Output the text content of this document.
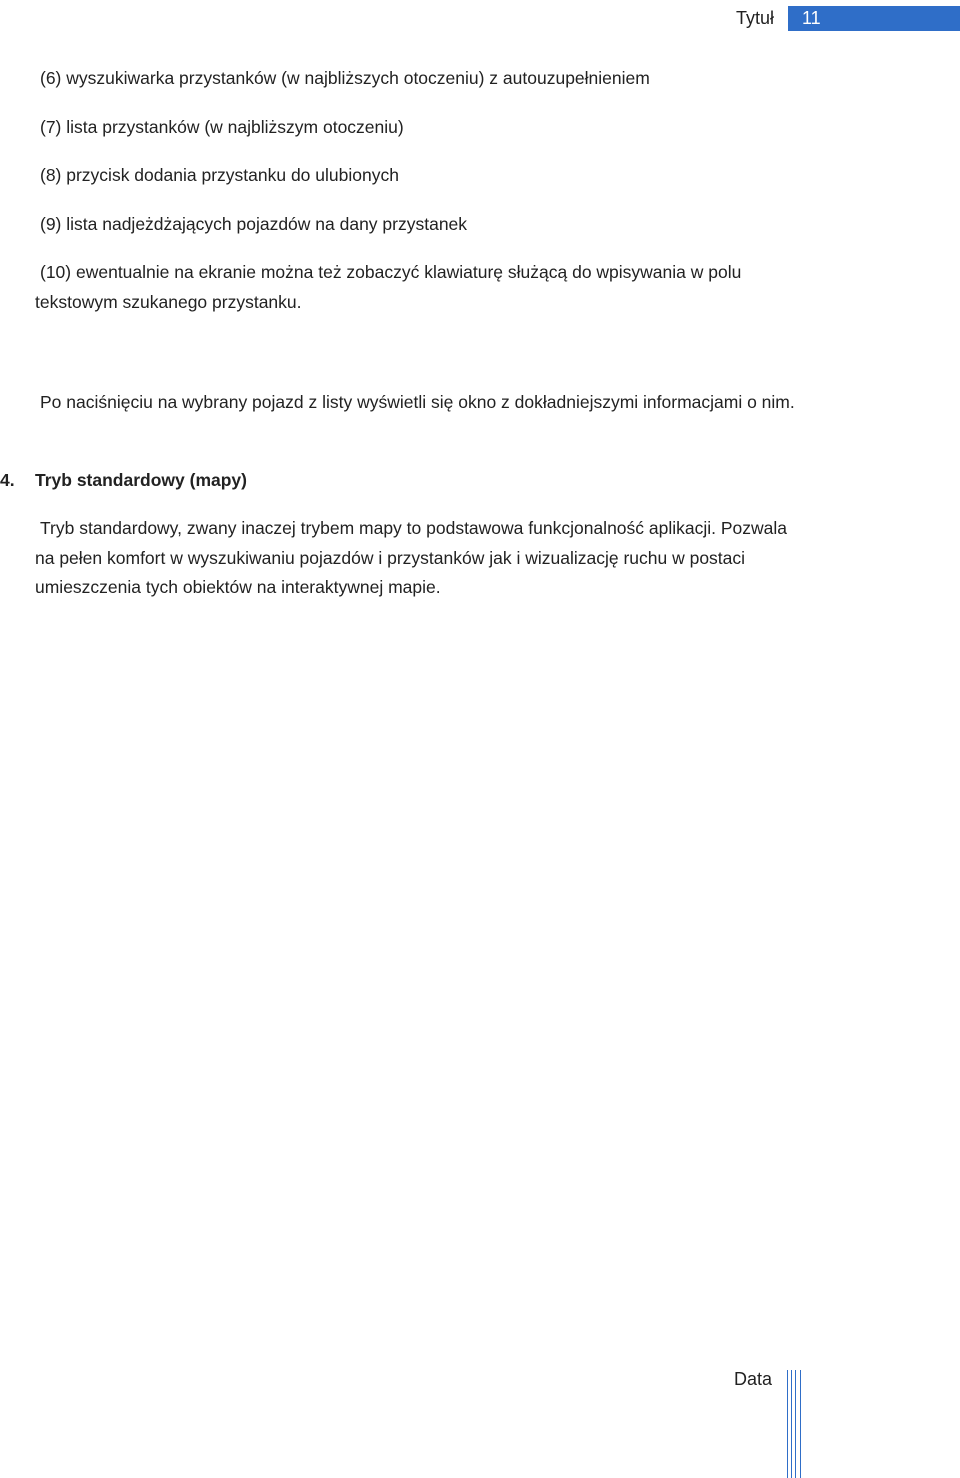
Tytuł 11

(6) wyszukiwarka przystanków (w najbliższych otoczeniu) z autouzupełnieniem

(7) lista przystanków (w najbliższym otoczeniu)

(8) przycisk dodania przystanku do ulubionych

(9) lista nadjeżdżających pojazdów na dany przystanek

(10) ewentualnie na ekranie można też zobaczyć klawiaturę służącą do wpisywania w polu tekstowym szukanego przystanku.

Po naciśnięciu na wybrany pojazd z listy wyświetli się okno z dokładniejszymi informacjami o nim.

4.	Tryb standardowy (mapy)

Tryb standardowy, zwany inaczej trybem mapy to podstawowa funkcjonalność aplikacji. Pozwala na pełen komfort w wyszukiwaniu pojazdów i przystanków jak i wizualizację ruchu w postaci umieszczenia tych obiektów na interaktywnej mapie.

Data
